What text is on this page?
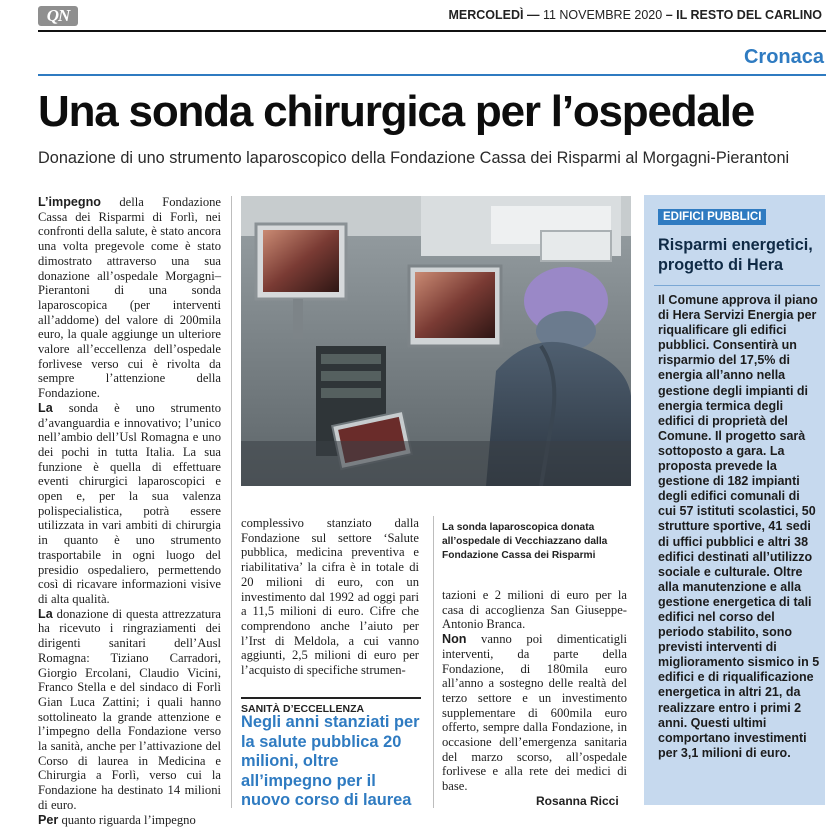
QN	MERCOLEDÌ — 11 NOVEMBRE 2020 – IL RESTO DEL CARLINO
Cronaca
Una sonda chirurgica per l’ospedale
Donazione di uno strumento laparoscopico della Fondazione Cassa dei Risparmi al Morgagni-Pierantoni

L’impegno della Fondazione Cassa dei Risparmi di Forlì, nei confronti della salute, è stato ancora una volta pregevole come è stato dimostrato attraverso una sua donazione all’ospedale Morgagni–Pierantoni di una sonda laparoscopica (per interventi all’addome) del valore di 200mila euro, la quale aggiunge un ulteriore valore all’eccellenza dell’ospedale forlivese verso cui è rivolta da sempre l’attenzione della Fondazione.

La sonda è uno strumento d’avanguardia e innovativo; l’unico nell’ambio dell’Usl Romagna e uno dei pochi in tutta Italia. La sua funzione è quella di effettuare eventi chirurgici laparoscopici e open e, per la sua valenza polispecialistica, potrà essere utilizzata in vari ambiti di chirurgia in quanto è uno strumento trasportabile in ogni luogo del presidio ospedaliero, permettendo così di ricavare informazioni visive di alta qualità.

La donazione di questa attrezzatura ha ricevuto i ringraziamenti dei dirigenti sanitari dell’Ausl Romagna: Tiziano Carradori, Giorgio Ercolani, Claudio Vicini, Franco Stella e del sindaco di Forlì Gian Luca Zattini; i quali hanno sottolineato la grande attenzione e l’impegno della Fondazione verso la sanità, anche per l’attivazione del Corso di laurea in Medicina e Chirurgia a Forlì, verso cui la Fondazione ha destinato 14 milioni di euro.

Per quanto riguarda l’impegno

complessivo stanziato dalla Fondazione sul settore ‘Salute pubblica, medicina preventiva e riabilitativa’ la cifra è in totale di 20 milioni di euro, con un investimento dal 1992 ad oggi pari a 11,5 milioni di euro. Cifre che comprendono anche l’aiuto per l’Irst di Meldola, a cui vanno aggiunti, 2,5 milioni di euro per l’acquisto di specifiche strumen-

SANITÀ D’ECCELLENZA
Negli anni stanziati per la salute pubblica 20 milioni, oltre all’impegno per il nuovo corso di laurea
La sonda laparoscopica donata all’ospedale di Vecchiazzano dalla Fondazione Cassa dei Risparmi

tazioni e 2 milioni di euro per la casa di accoglienza San Giuseppe- Antonio Branca.

Non vanno poi dimenticatigli interventi, da parte della Fondazione, di 180mila euro all’anno a sostegno delle realtà del terzo settore e un investimento supplementare di 600mila euro offerto, sempre dalla Fondazione, in occasione dell’emergenza sanitaria del marzo scorso, all’ospedale forlivese e alla rete dei medici di base.

Rosanna Ricci
EDIFICI PUBBLICI
Risparmi energetici, progetto di Hera
Il Comune approva il piano di Hera Servizi Energia per riqualificare gli edifici pubblici. Consentirà un risparmio del 17,5% di energia all’anno nella gestione degli impianti di energia termica degli edifici di proprietà del Comune. Il progetto sarà sottoposto a gara. La proposta prevede la gestione di 182 impianti degli edifici comunali di cui 57 istituti scolastici, 50 strutture sportive, 41 sedi di uffici pubblici e altri 38 edifici destinati all’utilizzo sociale e culturale. Oltre alla manutenzione e alla gestione energetica di tali edifici nel corso del periodo stabilito, sono previsti interventi di miglioramento sismico in 5 edifici e di riqualificazione energetica in altri 21, da realizzare entro i primi 2 anni. Questi ultimi comportano investimenti per 3,1 milioni di euro.
